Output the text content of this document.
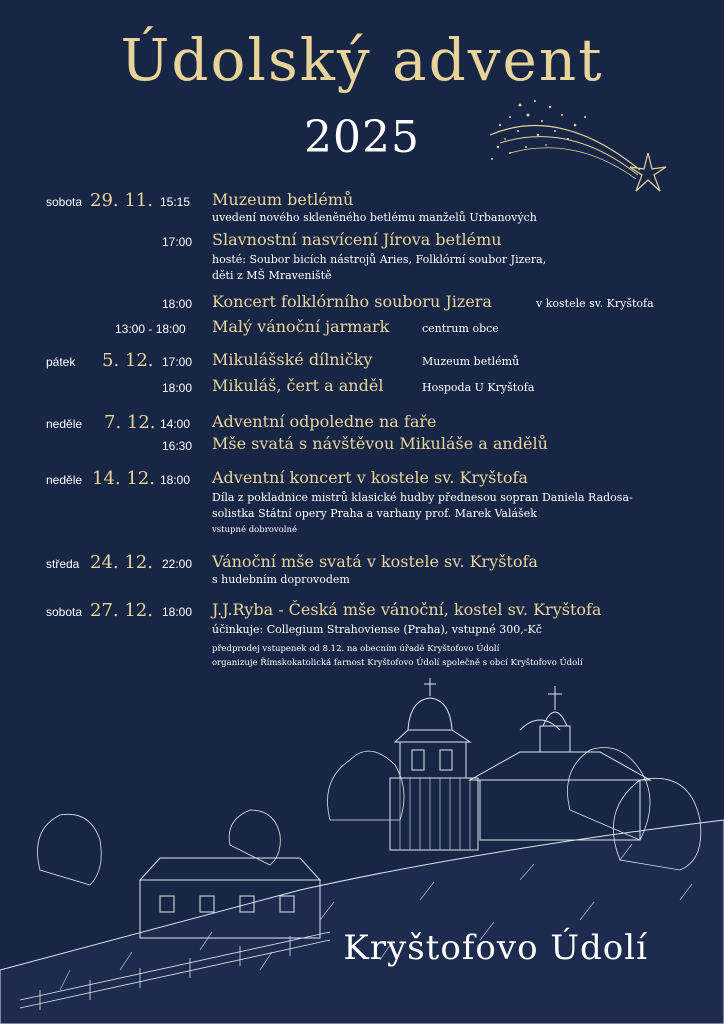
Údolský advent
2025
sobota 29. 11. 15:15 Muzeum betlémů
uvedení nového skleněného betlému manželů Urbanových
17:00 Slavnostní nasvícení Jírova betlému
hosté: Soubor bicích nástrojů Aries, Folklórní soubor Jizera,
děti z MŠ Mraveniště
18:00 Koncert folklórního souboru Jizera	v kostele sv. Kryštofa
13:00 - 18:00 Malý vánoční jarmark	centrum obce
pátek 5. 12. 17:00 Mikulášské dílničky	Muzeum betlémů
18:00 Mikuláš, čert a anděl	Hospoda U Kryštofa
neděle 7. 12. 14:00 Adventní odpoledne na faře
16:30 Mše svatá s návštěvou Mikuláše a andělů
neděle 14. 12. 18:00 Adventní koncert v kostele sv. Kryštofa
Díla z pokladnice mistrů klasické hudby přednesou sopran Daniela Radosa-
solistka Státní opery Praha a varhany prof. Marek Valášek
vstupné dobrovolné
středa 24. 12. 22:00 Vánoční mše svatá v kostele sv. Kryštofa
s hudebním doprovodem
sobota 27. 12. 18:00 J.J.Ryba - Česká mše vánoční, kostel sv. Kryštofa
účinkuje: Collegium Strahoviense (Praha), vstupné 300,-Kč
předprodej vstupenek od 8.12. na obecním úřadě Kryštofovo Údolí
organizuje Římskokatolická farnost Kryštofovo Údolí společně s obcí Kryštofovo Údolí
Kryštofovo Údolí
